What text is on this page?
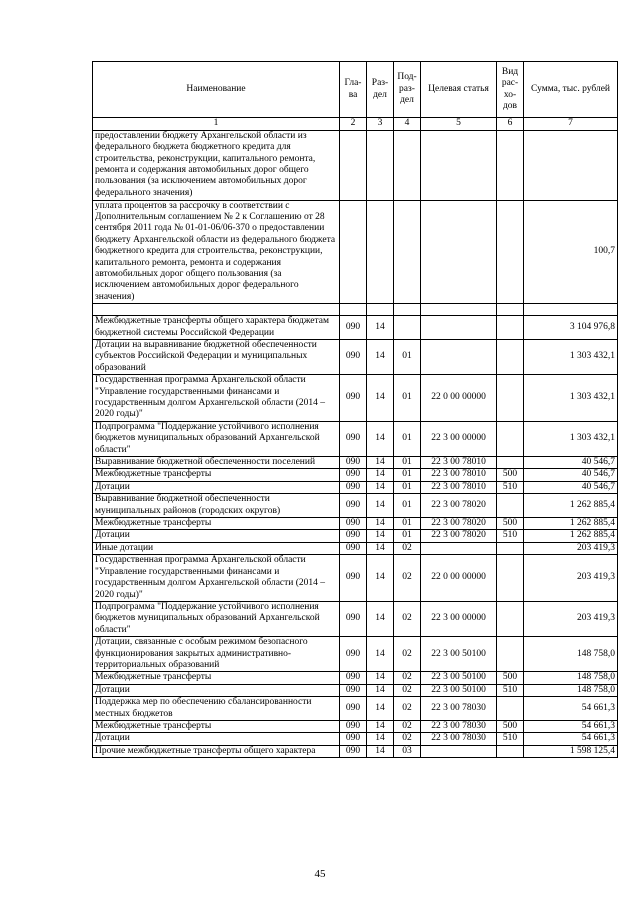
Наименование	Гла-ва	Раз-дел	Под-раз-дел	Целевая статья	Вид рас-хо-дов	Сумма, тыс. рублей
1	2	3	4	5	6	7
предоставлении бюджету Архангельской области из федерального бюджета бюджетного кредита для строительства, реконструкции, капитального ремонта, ремонта и содержания автомобильных дорог общего пользования (за исключением автомобильных дорог федерального значения)						
уплата процентов за рассрочку в соответствии с Дополнительным соглашением № 2 к Соглашению от 28 сентября 2011 года № 01-01-06/06-370 о предоставлении бюджету Архангельской области из федерального бюджета бюджетного кредита для строительства, реконструкции, капитального ремонта, ремонта и содержания автомобильных дорог общего пользования (за исключением автомобильных дорог федерального значения)						100,7

Межбюджетные трансферты общего характера бюджетам бюджетной системы Российской Федерации	090	14				3 104 976,8
Дотации на выравнивание бюджетной обеспеченности субъектов Российской Федерации и муниципальных образований	090	14	01			1 303 432,1
Государственная программа Архангельской области "Управление государственными финансами и государственным долгом Архангельской области (2014 – 2020 годы)"	090	14	01	22 0 00 00000		1 303 432,1
Подпрограмма "Поддержание устойчивого исполнения бюджетов муниципальных образований Архангельской области"	090	14	01	22 3 00 00000		1 303 432,1
Выравнивание бюджетной обеспеченности поселений	090	14	01	22 3 00 78010		40 546,7
Межбюджетные трансферты	090	14	01	22 3 00 78010	500	40 546,7
Дотации	090	14	01	22 3 00 78010	510	40 546,7
Выравнивание бюджетной обеспеченности муниципальных районов (городских округов)	090	14	01	22 3 00 78020		1 262 885,4
Межбюджетные трансферты	090	14	01	22 3 00 78020	500	1 262 885,4
Дотации	090	14	01	22 3 00 78020	510	1 262 885,4
Иные дотации	090	14	02			203 419,3
Государственная программа Архангельской области "Управление государственными финансами и государственным долгом Архангельской области (2014 – 2020 годы)"	090	14	02	22 0 00 00000		203 419,3
Подпрограмма "Поддержание устойчивого исполнения бюджетов муниципальных образований Архангельской области"	090	14	02	22 3 00 00000		203 419,3
Дотации, связанные с особым режимом безопасного функционирования закрытых административно-территориальных образований	090	14	02	22 3 00 50100		148 758,0
Межбюджетные трансферты	090	14	02	22 3 00 50100	500	148 758,0
Дотации	090	14	02	22 3 00 50100	510	148 758,0
Поддержка мер по обеспечению сбалансированности местных бюджетов	090	14	02	22 3 00 78030		54 661,3
Межбюджетные трансферты	090	14	02	22 3 00 78030	500	54 661,3
Дотации	090	14	02	22 3 00 78030	510	54 661,3
Прочие межбюджетные трансферты общего характера	090	14	03			1 598 125,4
45
